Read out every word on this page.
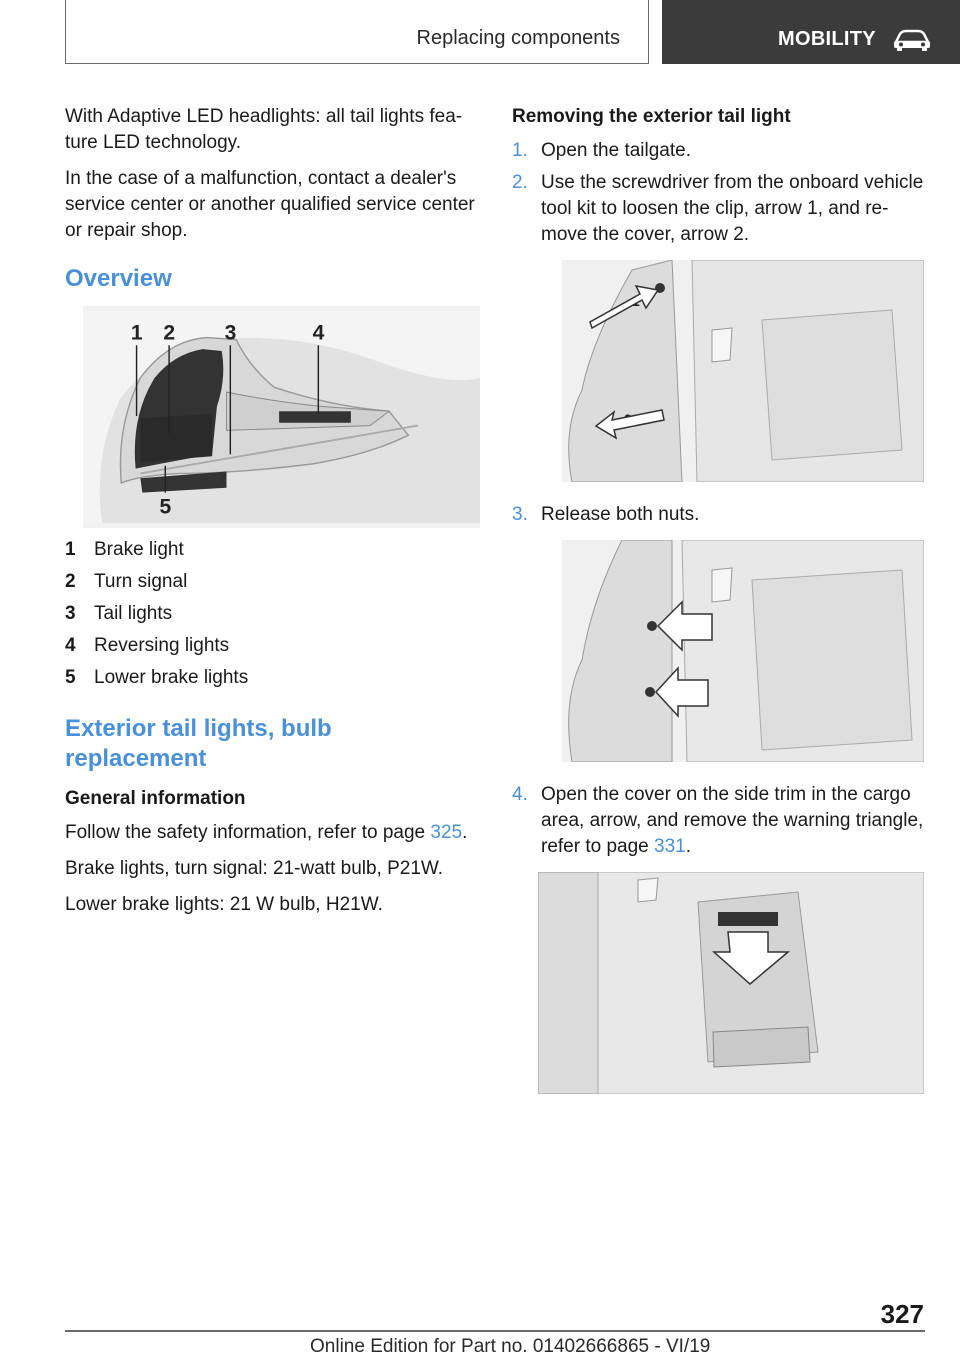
Replacing components	MOBILITY

With Adaptive LED headlights: all tail lights feature LED technology.

In the case of a malfunction, contact a dealer's service center or another qualified service center or repair shop.

Overview
1 2 3	4
5
1 Brake light
2 Turn signal
3 Tail lights
4 Reversing lights
5 Lower brake lights
Exterior tail lights, bulb replacement
General information

Follow the safety information, refer to page 325.

Brake lights, turn signal: 21-watt bulb, P21W.

Lower brake lights: 21 W bulb, H21W.

Removing the exterior tail light
1. Open the tailgate.
2. Use the screwdriver from the onboard vehicle tool kit to loosen the clip, arrow 1, and remove the cover, arrow 2.
3. Release both nuts.
4. Open the cover on the side trim in the cargo area, arrow, and remove the warning triangle, refer to page 331.
327
Online Edition for Part no. 01402666865 - VI/19
